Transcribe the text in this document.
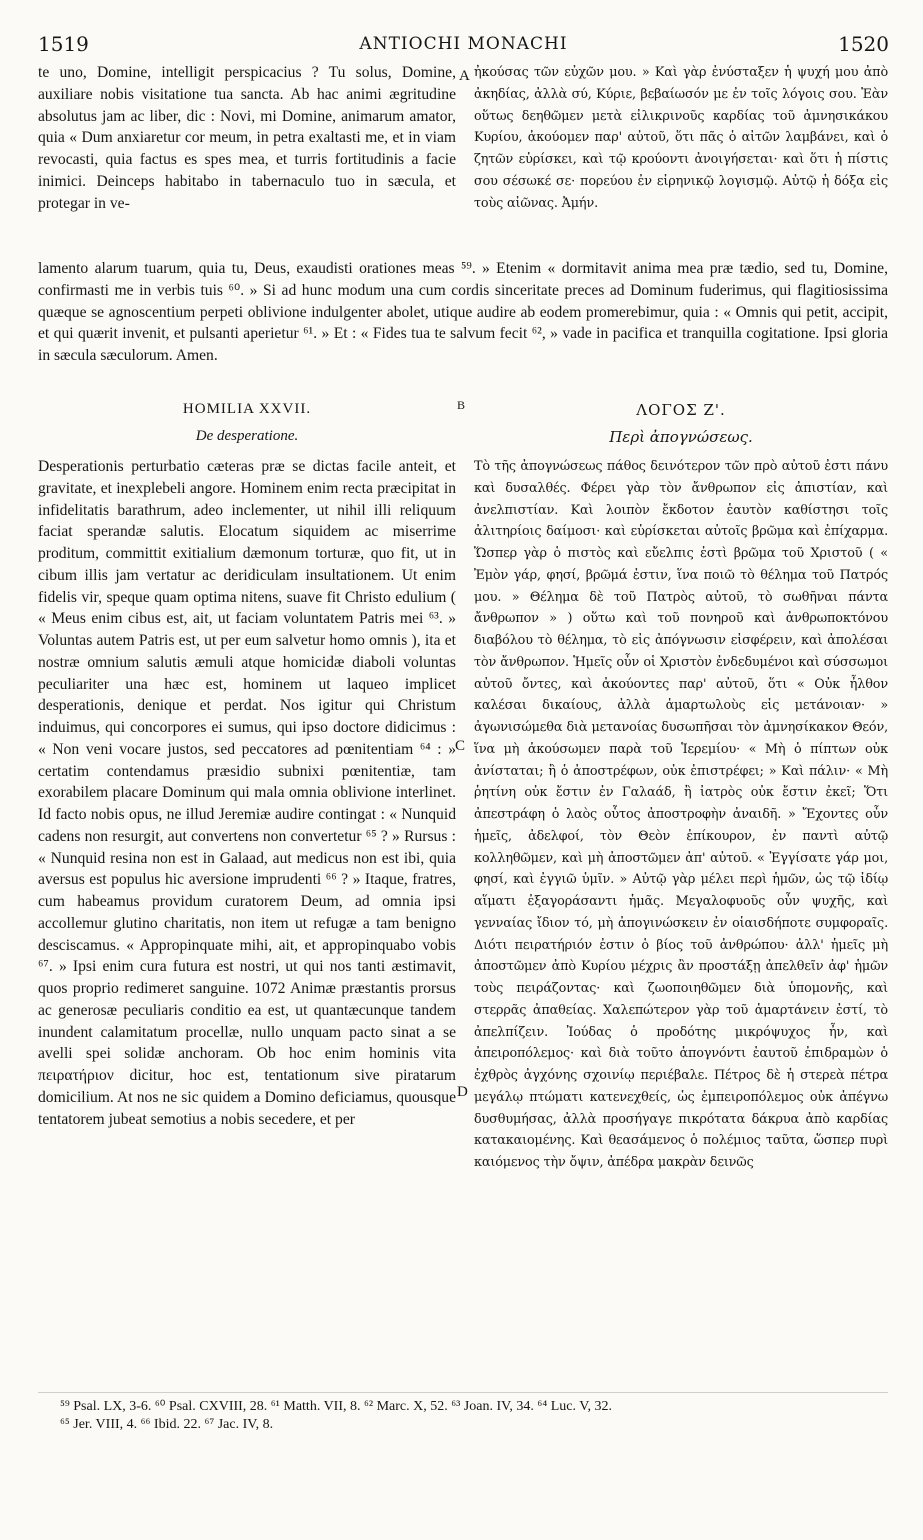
1519	ANTIOCHI MONACHI	1520

te uno, Domine, intelligit perspicacius ? Tu solus, Domine, auxiliare nobis visitatione tua sancta. Ab hac animi ægritudine absolutus jam ac liber, dic : Novi, mi Domine, animarum amator, quia « Dum anxiaretur cor meum, in petra exaltasti me, et in viam revocasti, quia factus es spes mea, et turris fortitudinis a facie inimici. Deinceps habitabo in tabernaculo tuo in sæcula, et protegar in ve-

A ἠκούσας τῶν εὐχῶν μου. » Καὶ γὰρ ἐνύσταξεν ἡ ψυχή μου ἀπὸ ἀκηδίας, ἀλλὰ σύ, Κύριε, βεβαίωσόν με ἐν τοῖς λόγοις σου. Ἐὰν οὕτως δεηθῶμεν μετὰ εἰλικρινοῦς καρδίας τοῦ ἀμνησικάκου Κυρίου, ἀκούομεν παρ' αὐτοῦ, ὅτι πᾶς ὁ αἰτῶν λαμβάνει, καὶ ὁ ζητῶν εὑρίσκει, καὶ τῷ κρούοντι ἀνοιγήσεται· καὶ ὅτι ἡ πίστις σου σέσωκέ σε· πορεύου ἐν εἰρηνικῷ λογισμῷ. Αὐτῷ ἡ δόξα εἰς τοὺς αἰῶνας. Ἀμήν.

lamento alarum tuarum, quia tu, Deus, exaudisti orationes meas ⁵⁹. » Etenim « dormitavit anima mea præ tædio, sed tu, Domine, confirmasti me in verbis tuis ⁶⁰. » Si ad hunc modum una cum cordis sinceritate preces ad Dominum fuderimus, qui flagitiosissima quæque se agnoscentium perpeti oblivione indulgenter abolet, utique audire ab eodem promerebimur, quia : « Omnis qui petit, accipit, et qui quærit invenit, et pulsanti aperietur ⁶¹. » Et : « Fides tua te salvum fecit ⁶², » vade in pacifica et tranquilla cogitatione. Ipsi gloria in sæcula sæculorum. Amen.

B
HOMILIA XXVII.
De desperatione.
ΛΟΓΟΣ Ζ'.
Περὶ ἀπογνώσεως.

Desperationis perturbatio cæteras præ se dictas facile anteit, et gravitate, et inexplebeli angore. Hominem enim recta præcipitat in infidelitatis barathrum, adeo inclementer, ut nihil illi reliquum faciat sperandæ salutis. Elocatum siquidem ac miserrime proditum, committit exitialium dæmonum torturæ, quo fit, ut in cibum illis jam vertatur ac deridiculam insultationem. Ut enim fidelis vir, speque quam optima nitens, suave fit Christo edulium ( « Meus enim cibus est, ait, ut faciam voluntatem Patris mei ⁶³. » Voluntas autem Patris est, ut per eum salvetur homo omnis ), ita et nostræ omnium salutis æmuli atque homicidæ diaboli voluntas peculiariter una hæc est, hominem ut laqueo implicet desperationis, denique et perdat. Nos igitur qui Christum induimus, qui concorpores ei sumus, qui ipso doctore didicimus : « Non veni vocare justos, sed peccatores ad pœnitentiam ⁶⁴ : » certatim contendamus præsidio subnixi pœnitentiæ, tam exorabilem placare Dominum qui mala omnia oblivione interlinet. Id facto nobis opus, ne illud Jeremiæ audire contingat : « Nunquid cadens non resurgit, aut convertens non convertetur ⁶⁵ ? » Rursus : « Nunquid resina non est in Galaad, aut medicus non est ibi, quia aversus est populus hic aversione imprudenti ⁶⁶ ? » Itaque, fratres, cum habeamus providum curatorem Deum, ad omnia ipsi accollemur glutino charitatis, non item ut refugæ a tam benigno desciscamus. « Appropinquate mihi, ait, et appropinquabo vobis ⁶⁷. » Ipsi enim cura futura est nostri, ut qui nos tanti æstimavit, quos proprio redimeret sanguine. 1072 Animæ præstantis prorsus ac generosæ peculiaris conditio ea est, ut quantæcunque tandem inundent calamitatum procellæ, nullo unquam pacto sinat a se avelli spei solidæ anchoram. Ob hoc enim hominis vita πειρατήριον dicitur, hoc est, tentationum sive piratarum domicilium. At nos ne sic quidem a Domino deficiamus, quousque tentatorem jubeat semotius a nobis secedere, et per

C
D

Τὸ τῆς ἀπογνώσεως πάθος δεινότερον τῶν πρὸ αὐτοῦ ἐστι πάνυ καὶ δυσαλθές. Φέρει γὰρ τὸν ἄνθρωπον εἰς ἀπιστίαν, καὶ ἀνελπιστίαν. Καὶ λοιπὸν ἔκδοτον ἑαυτὸν καθίστησι τοῖς ἀλιτηρίοις δαίμοσι· καὶ εὑρίσκεται αὐτοῖς βρῶμα καὶ ἐπίχαρμα. Ὥσπερ γὰρ ὁ πιστὸς καὶ εὔελπις ἐστὶ βρῶμα τοῦ Χριστοῦ ( « Ἐμὸν γάρ, φησί, βρῶμά ἐστιν, ἵνα ποιῶ τὸ θέλημα τοῦ Πατρός μου. » Θέλημα δὲ τοῦ Πατρὸς αὐτοῦ, τὸ σωθῆναι πάντα ἄνθρωπον » ) οὕτω καὶ τοῦ πονηροῦ καὶ ἀνθρωποκτόνου διαβόλου τὸ θέλημα, τὸ εἰς ἀπόγνωσιν εἰσφέρειν, καὶ ἀπολέσαι τὸν ἄνθρωπον. Ἡμεῖς οὖν οἱ Χριστὸν ἐνδεδυμένοι καὶ σύσσωμοι αὐτοῦ ὄντες, καὶ ἀκούοντες παρ' αὐτοῦ, ὅτι « Οὐκ ἦλθον καλέσαι δικαίους, ἀλλὰ ἁμαρτωλοὺς εἰς μετάνοιαν· » ἀγωνισώμεθα διὰ μετανοίας δυσωπῆσαι τὸν ἀμνησίκακον Θεόν, ἵνα μὴ ἀκούσωμεν παρὰ τοῦ Ἱερεμίου· « Μὴ ὁ πίπτων οὐκ ἀνίσταται; ἢ ὁ ἀποστρέφων, οὐκ ἐπιστρέφει; » Καὶ πάλιν· « Μὴ ῥητίνη οὐκ ἔστιν ἐν Γαλαάδ, ἢ ἰατρὸς οὐκ ἔστιν ἐκεῖ; Ὅτι ἀπεστράφη ὁ λαὸς οὗτος ἀποστροφὴν ἀναιδῆ. » Ἔχοντες οὖν ἡμεῖς, ἀδελφοί, τὸν Θεὸν ἐπίκουρον, ἐν παντὶ αὐτῷ κολληθῶμεν, καὶ μὴ ἀποστῶμεν ἀπ' αὐτοῦ. « Ἐγγίσατε γάρ μοι, φησί, καὶ ἐγγιῶ ὑμῖν. » Αὐτῷ γὰρ μέλει περὶ ἡμῶν, ὡς τῷ ἰδίῳ αἵματι ἐξαγοράσαντι ἡμᾶς. Μεγαλοφυοῦς οὖν ψυχῆς, καὶ γενναίας ἴδιον τό, μὴ ἀπογινώσκειν ἐν οἱαισδήποτε συμφοραῖς. Διότι πειρατήριόν ἐστιν ὁ βίος τοῦ ἀνθρώπου· ἀλλ' ἡμεῖς μὴ ἀποστῶμεν ἀπὸ Κυρίου μέχρις ἂν προστάξῃ ἀπελθεῖν ἀφ' ἡμῶν τοὺς πειράζοντας· καὶ ζωοποιηθῶμεν διὰ ὑπομονῆς, καὶ στερρᾶς ἀπαθείας. Χαλεπώτερον γὰρ τοῦ ἁμαρτάνειν ἐστί, τὸ ἀπελπίζειν. Ἰούδας ὁ προδότης μικρόψυχος ἦν, καὶ ἀπειροπόλεμος· καὶ διὰ τοῦτο ἀπογνόντι ἑαυτοῦ ἐπιδραμὼν ὁ ἐχθρὸς ἀγχόνης σχοινίῳ περιέβαλε. Πέτρος δὲ ἡ στερεὰ πέτρα μεγάλῳ πτώματι κατενεχθείς, ὡς ἐμπειροπόλεμος οὐκ ἀπέγνω δυσθυμήσας, ἀλλὰ προσήγαγε πικρότατα δάκρυα ἀπὸ καρδίας κατακαιομένης. Καὶ θεασάμενος ὁ πολέμιος ταῦτα, ὥσπερ πυρὶ καιόμενος τὴν ὄψιν, ἀπέδρα μακρὰν δεινῶς

⁵⁹ Psal. LX, 3-6. ⁶⁰ Psal. CXVIII, 28. ⁶¹ Matth. VII, 8. ⁶² Marc. X, 52. ⁶³ Joan. IV, 34. ⁶⁴ Luc. V, 32.

⁶⁵ Jer. VIII, 4. ⁶⁶ Ibid. 22. ⁶⁷ Jac. IV, 8.
